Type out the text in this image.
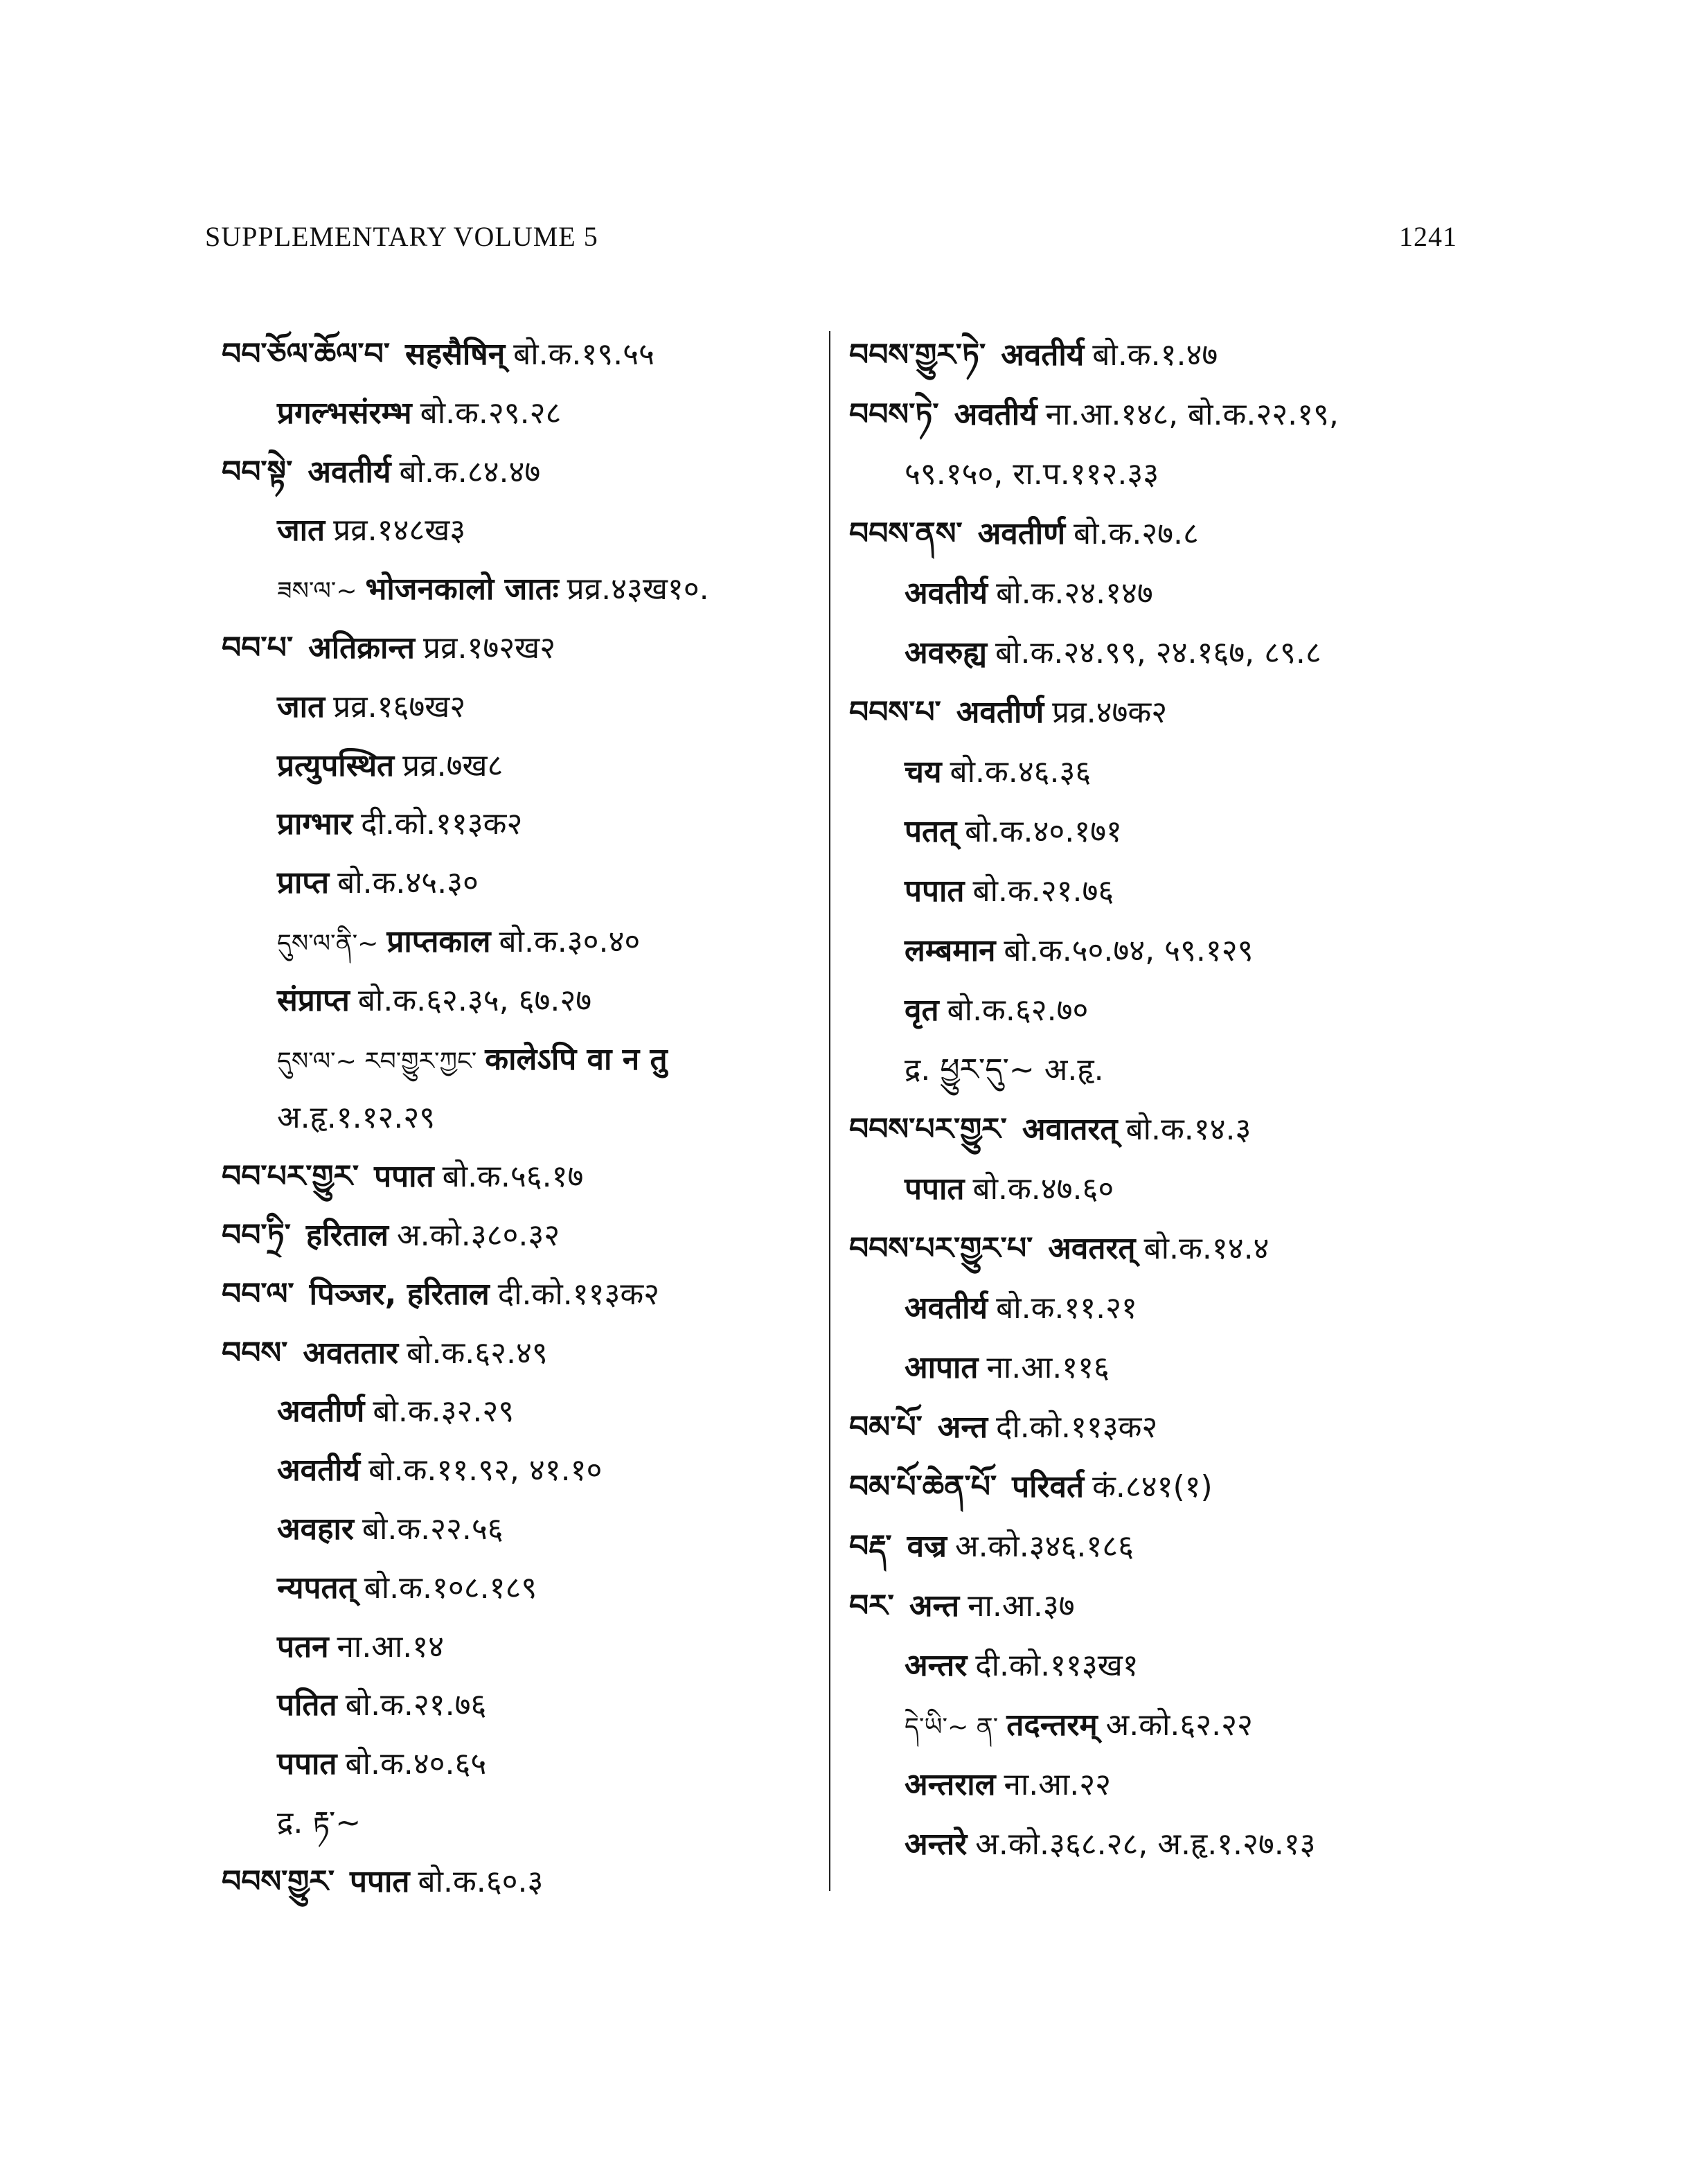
SUPPLEMENTARY VOLUME 5	1241
བབ་ཅོལ་ཆོལ་བ་ सहसैषिन् बो.क.१९.५५
प्रगल्भसंरम्भ बो.क.२९.२८
བབ་སྟེ་ अवतीर्य बो.क.८४.४७
जात प्रव्र.१४८ख३
ཟས་ལ་~ भोजनकालो जातः प्रव्र.४३ख१०.
བབ་པ་ अतिक्रान्त प्रव्र.१७२ख२
जात प्रव्र.१६७ख२
प्रत्युपस्थित प्रव्र.७ख८
प्राग्भार दी.को.११३क२
प्राप्त बो.क.४५.३०
དུས་ལ་ནི་~ प्राप्तकाल बो.क.३०.४०
संप्राप्त बो.क.६२.३५, ६७.२७
དུས་ལ་~ རབ་གྱུར་ཀྱང་ कालेऽपि वा न तु
अ.हृ.१.१२.२९
བབ་པར་གྱུར་ पपात बो.क.५६.१७
བབ་ཏྲི་ हरिताल अ.को.३८०.३२
བབ་ལ་ पिञ्जर, हरिताल दी.को.११३क२
བབས་ अवततार बो.क.६२.४९
अवतीर्ण बो.क.३२.२९
अवतीर्य बो.क.११.९२, ४१.१०
अवहार बो.क.२२.५६
न्यपतत् बो.क.१०८.१८९
पतन ना.आ.१४
पतित बो.क.२१.७६
पपात बो.क.४०.६५
द्र. རྟ་~
བབས་གྱུར་ पपात बो.क.६०.३
བབས་གྱུར་ཏེ་ अवतीर्य बो.क.१.४७
བབས་ཏེ་ अवतीर्य ना.आ.१४८, बो.क.२२.१९,
५९.१५०, रा.प.११२.३३
བབས་ནས་ अवतीर्ण बो.क.२७.८
अवतीर्य बो.क.२४.१४७
अवरुह्य बो.क.२४.९९, २४.१६७, ८९.८
བབས་པ་ अवतीर्ण प्रव्र.४७क२
चय बो.क.४६.३६
पतत् बो.क.४०.१७१
पपात बो.क.२१.७६
लम्बमान बो.क.५०.७४, ५९.१२९
वृत बो.क.६२.७०
द्र. ཕྱུར་དུ་~ अ.हृ.
བབས་པར་གྱུར་ अवातरत् बो.क.१४.३
पपात बो.क.४७.६०
བབས་པར་གྱུར་པ་ अवतरत् बो.क.१४.४
अवतीर्य बो.क.११.२१
आपात ना.आ.११६
བམ་པོ་ अन्त दी.को.११३क२
བམ་པོ་ཆེན་པོ་ परिवर्त कं.८४१(१)
བརྡ་ वज्र अ.को.३४६.१८६
བར་ अन्त ना.आ.३७
अन्तर दी.को.११३ख१
དེ་ཡི་~ ན་ तदन्तरम् अ.को.६२.२२
अन्तराल ना.आ.२२
अन्तरे अ.को.३६८.२८, अ.हृ.१.२७.१३
